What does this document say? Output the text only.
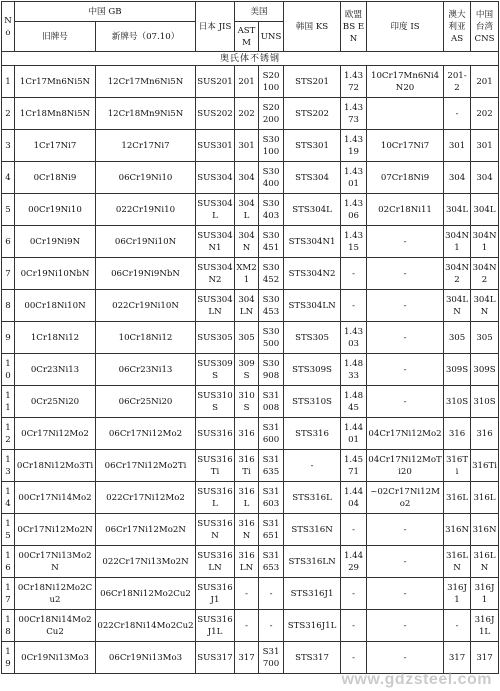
No	中国 GB		日本 JIS	美国		韩国 KS	欧盟 BS EN	印度 IS	澳大利亚 AS	中国台湾 CNS
	旧牌号	新牌号（07.10）		ASTM	UNS					
奥氏体不锈钢										
1	1Cr17Mn6Ni5N	12Cr17Mn6Ni5N	SUS201	201	S20100	STS201	1.4372	10Cr17Mn6Ni4N20	201-2	201
2	1Cr18Mn8Ni5N	12Cr18Mn9Ni5N	SUS202	202	S20200	STS202	1.4373		-	202
3	1Cr17Ni7	12Cr17Ni7	SUS301	301	S30100	STS301	1.4319	10Cr17Ni7	301	301
4	0Cr18Ni9	06Cr19Ni10	SUS304	304	S30400	STS304	1.4301	07Cr18Ni9	304	304
5	00Cr19Ni10	022Cr19Ni10	SUS304L	304L	S30403	STS304L	1.4306	02Cr18Ni11	304L	304L
6	0Cr19Ni9N	06Cr19Ni10N	SUS304N1	304N	S30451	STS304N1	1.4315	-	304N1	304N1
7	0Cr19Ni10NbN	06Cr19Ni9NbN	SUS304N2	XM21	S30452	STS304N2	-	-	304N2	304N2
8	00Cr18Ni10N	022Cr19Ni10N	SUS304LN	304LN	S30453	STS304LN	-	-	304LN	304LN
9	1Cr18Ni12	10Cr18Ni12	SUS305	305	S30500	STS305	1.4303	-	305	305
10	0Cr23Ni13	06Cr23Ni13	SUS309S	309S	S30908	STS309S	1.4833	-	309S	309S
11	0Cr25Ni20	06Cr25Ni20	SUS310S	310S	S31008	STS310S	1.4845	-	310S	310S
12	0Cr17Ni12Mo2	06Cr17Ni12Mo2	SUS316	316	S31600	STS316	1.4401	04Cr17Ni12Mo2	316	316
13	0Cr18Ni12Mo3Ti	06Cr17Ni12Mo2Ti	SUS316Ti	316Ti	S31635	-	1.4571	04Cr17Ni12MoTi20	316Ti	316Ti
14	00Cr17Ni14Mo2	022Cr17Ni12Mo2	SUS316L	316L	S31603	STS316L	1.4404	~02Cr17Ni12Mo2	316L	316L
15	0Cr17Ni12Mo2N	06Cr17Ni12Mo2N	SUS316N	316N	S31651	STS316N	-	-	316N	316N
16	00Cr17Ni13Mo2N	022Cr17Ni13Mo2N	SUS316LN	316LN	S31653	STS316LN	1.4429	-	316LN	316LN
17	0Cr18Ni12Mo2Cu2	06Cr18Ni12Mo2Cu2	SUS316J1	-	-	STS316J1	-	-	316J1	316J1
18	00Cr18Ni14Mo2Cu2	022Cr18Ni14Mo2Cu2	SUS316J1L	-	-	STS316J1L	-	-	-	316J1L
19	0Cr19Ni13Mo3	06Cr19Ni13Mo3	SUS317	317	S31700	STS317	-	-	317	317
www.gdzsteel.com
